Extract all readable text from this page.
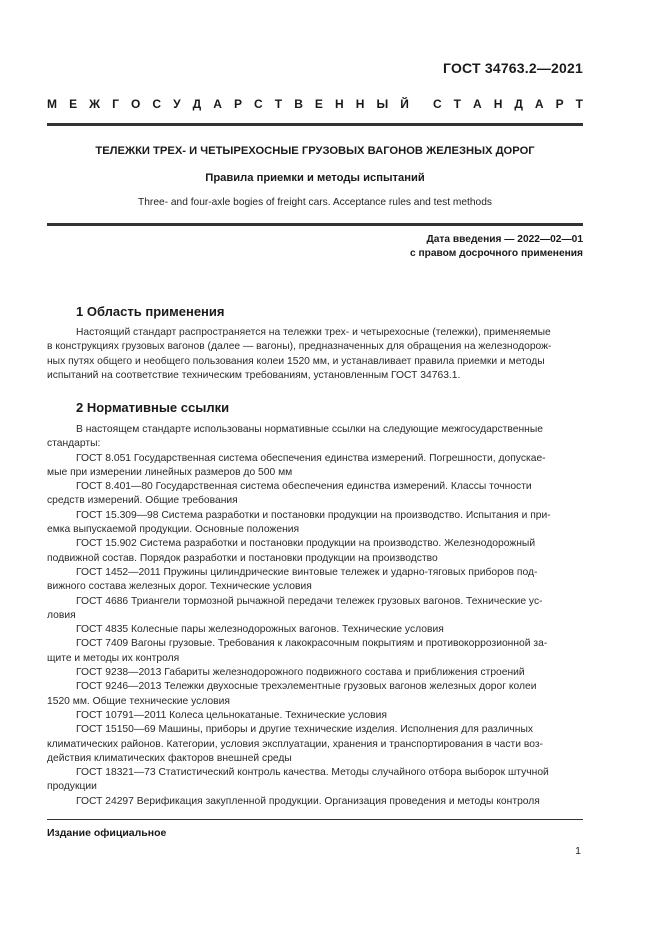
ГОСТ 34763.2—2021
М Е Ж Г О С У Д А Р С Т В Е Н Н Ы Й С Т А Н Д А Р Т
ТЕЛЕЖКИ ТРЕХ- И ЧЕТЫРЕХОСНЫЕ ГРУЗОВЫХ ВАГОНОВ ЖЕЛЕЗНЫХ ДОРОГ
Правила приемки и методы испытаний
Three- and four-axle bogies of freight cars. Acceptance rules and test methods
Дата введения — 2022—02—01
с правом досрочного применения
1 Область применения

Настоящий стандарт распространяется на тележки трех- и четырехосные (тележки), применяемые

в конструкциях грузовых вагонов (далее — вагоны), предназначенных для обращения на железнодорож-

ных путях общего и необщего пользования колеи 1520 мм, и устанавливает правила приемки и методы

испытаний на соответствие техническим требованиям, установленным ГОСТ 34763.1.

2 Нормативные ссылки

В настоящем стандарте использованы нормативные ссылки на следующие межгосударственные

стандарты:

ГОСТ 8.051 Государственная система обеспечения единства измерений. Погрешности, допускае-

мые при измерении линейных размеров до 500 мм

ГОСТ 8.401—80 Государственная система обеспечения единства измерений. Классы точности

средств измерений. Общие требования

ГОСТ 15.309—98 Система разработки и постановки продукции на производство. Испытания и при-

емка выпускаемой продукции. Основные положения

ГОСТ 15.902 Система разработки и постановки продукции на производство. Железнодорожный

подвижной состав. Порядок разработки и постановки продукции на производство

ГОСТ 1452—2011 Пружины цилиндрические винтовые тележек и ударно-тяговых приборов под-

вижного состава железных дорог. Технические условия

ГОСТ 4686 Триангели тормозной рычажной передачи тележек грузовых вагонов. Технические ус-

ловия

ГОСТ 4835 Колесные пары железнодорожных вагонов. Технические условия

ГОСТ 7409 Вагоны грузовые. Требования к лакокрасочным покрытиям и противокоррозионной за-

щите и методы их контроля

ГОСТ 9238—2013 Габариты железнодорожного подвижного состава и приближения строений

ГОСТ 9246—2013 Тележки двухосные трехэлементные грузовых вагонов железных дорог колеи

1520 мм. Общие технические условия

ГОСТ 10791—2011 Колеса цельнокатаные. Технические условия

ГОСТ 15150—69 Машины, приборы и другие технические изделия. Исполнения для различных

климатических районов. Категории, условия эксплуатации, хранения и транспортирования в части воз-

действия климатических факторов внешней среды

ГОСТ 18321—73 Статистический контроль качества. Методы случайного отбора выборок штучной

продукции

ГОСТ 24297 Верификация закупленной продукции. Организация проведения и методы контроля

Издание официальное
1
